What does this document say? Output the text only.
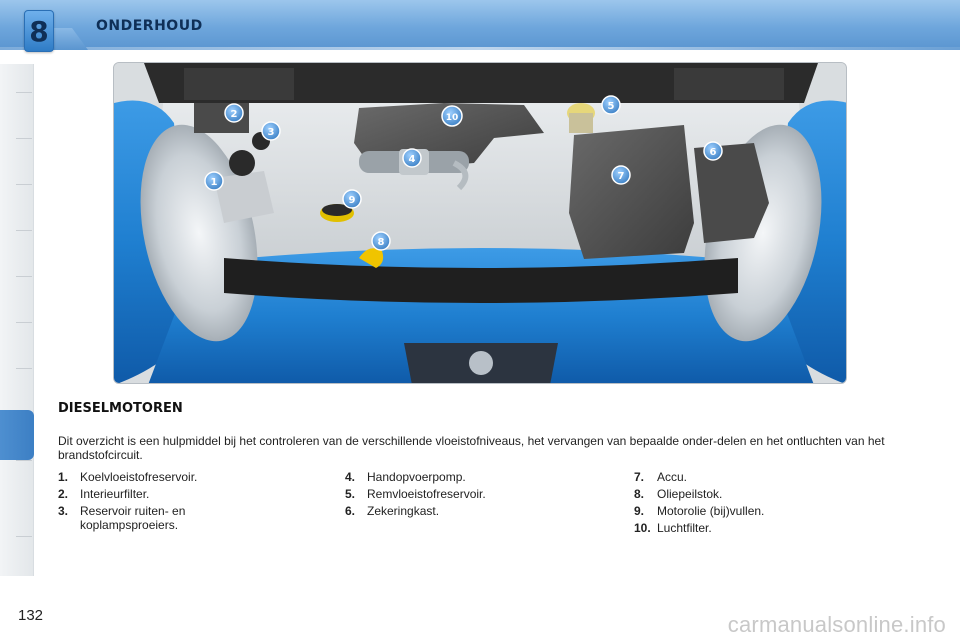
8	ONDERHOUD
1
2
3
4
5
6
7
8
9
10
DIESELMOTOREN
Dit overzicht is een hulpmiddel bij het controleren van de verschillende vloeistofniveaus, het vervangen van bepaalde onder-delen en het ontluchten van het brandstofcircuit.
1. Koelvloeistofreservoir.
2. Interieurfilter.
3. Reservoir ruiten- en koplampsproeiers.
4. Handopvoerpomp.
5. Remvloeistofreservoir.
6. Zekeringkast.
7. Accu.
8. Oliepeilstok.
9. Motorolie (bij)vullen.
10. Luchtfilter.
132	carmanualsonline.info
